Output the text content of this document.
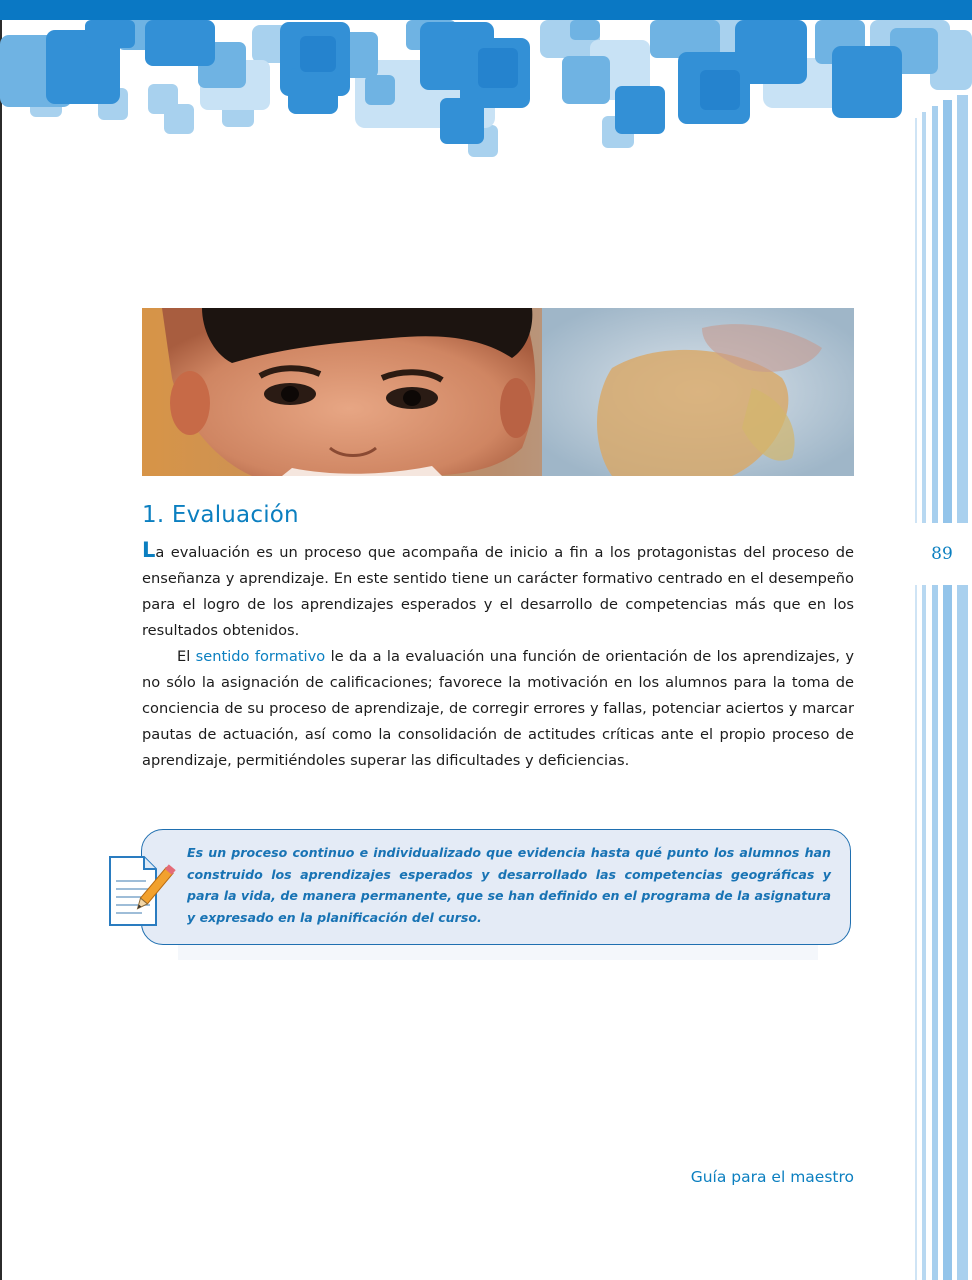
89
1. Evaluación

La evaluación es un proceso que acompaña de inicio a fin a los protagonistas del proceso de enseñanza y aprendizaje. En este sentido tiene un carácter formativo centrado en el desempeño para el logro de los aprendizajes esperados y el desarrollo de competencias más que en los resultados obtenidos.

El sentido formativo le da a la evaluación una función de orientación de los aprendizajes, y no sólo la asignación de calificaciones; favorece la motivación en los alumnos para la toma de conciencia de su proceso de aprendizaje, de corregir errores y fallas, potenciar aciertos y marcar pautas de actuación, así como la consolidación de actitudes críticas ante el propio proceso de aprendizaje, permitiéndoles superar las dificultades y deficiencias.

Es un proceso continuo e individualizado que evidencia hasta qué punto los alumnos han construido los aprendizajes esperados y desarrollado las competencias geográficas y para la vida, de manera permanente, que se han definido en el programa de la asignatura y expresado en la planificación del curso.
Guía para el maestro
